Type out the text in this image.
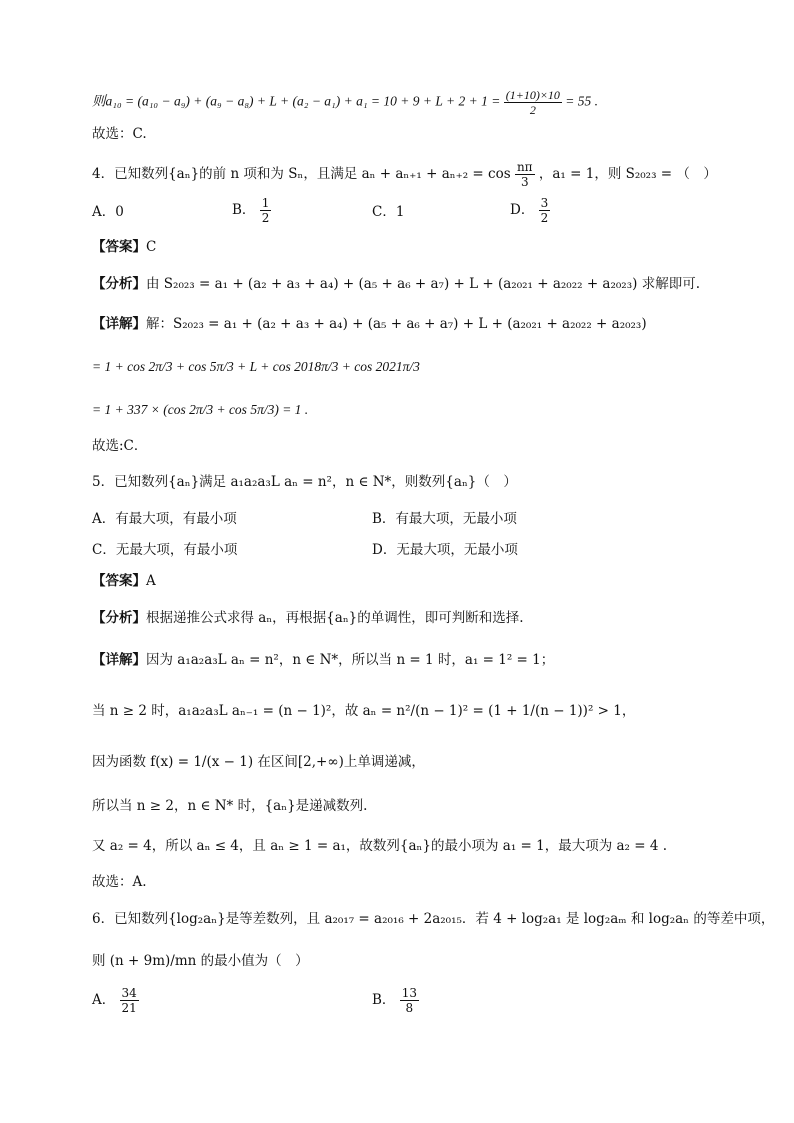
则$a_{10} = (a_{10} - a_9) + (a_9 - a_8) + L + (a_2 - a_1) + a_1 = 10 + 9 + L + 2 + 1 = \frac{(1+10)\times 10}{2} = 55$ .
故选：C.
4．已知数列{aₙ}的前 n 项和为 Sₙ，且满足 $a_n + a_{n+1} + a_{n+2} = \cos \frac{n\pi}{3}$ ，a₁ = 1，则 S₂₀₂₃ = （　）
A．0	B． $\frac{1}{2}$	C．1	D． $\frac{3}{2}$
【答案】C
【分析】由 S₂₀₂₃ = a₁ + (a₂ + a₃ + a₄) + (a₅ + a₆ + a₇) + L + (a₂₀₂₁ + a₂₀₂₂ + a₂₀₂₃) 求解即可.
【详解】解：S₂₀₂₃ = a₁ + (a₂ + a₃ + a₄) + (a₅ + a₆ + a₇) + L + (a₂₀₂₁ + a₂₀₂₂ + a₂₀₂₃)
= 1 + cos 2π/3 + cos 5π/3 + L + cos 2018π/3 + cos 2021π/3
= 1 + 337 × (cos 2π/3 + cos 5π/3) = 1 .
故选:C．
5．已知数列{aₙ}满足 a₁a₂a₃L aₙ = n²，n ∈ N*，则数列{aₙ}（　）
A．有最大项，有最小项	B．有最大项，无最小项
C．无最大项，有最小项	D．无最大项，无最小项
【答案】A
【分析】根据递推公式求得 aₙ，再根据{aₙ}的单调性，即可判断和选择.
【详解】因为 a₁a₂a₃L aₙ = n²，n ∈ N*，所以当 n = 1 时，a₁ = 1² = 1；
当 n ≥ 2 时，a₁a₂a₃L aₙ₋₁ = (n − 1)²，故 aₙ = n²/(n − 1)² = (1 + 1/(n − 1))² > 1，
因为函数 f(x) = 1/(x − 1) 在区间[2,+∞)上单调递减，
所以当 n ≥ 2，n ∈ N* 时，{aₙ}是递减数列.
又 a₂ = 4，所以 aₙ ≤ 4，且 aₙ ≥ 1 = a₁，故数列{aₙ}的最小项为 a₁ = 1，最大项为 a₂ = 4 .
故选：A.
6．已知数列{log₂aₙ}是等差数列，且 a₂₀₁₇ = a₂₀₁₆ + 2a₂₀₁₅．若 4 + log₂a₁ 是 log₂aₘ 和 log₂aₙ 的等差中项，
则 (n + 9m)/mn 的最小值为（　）
A． $\frac{34}{21}$	B． $\frac{13}{8}$
